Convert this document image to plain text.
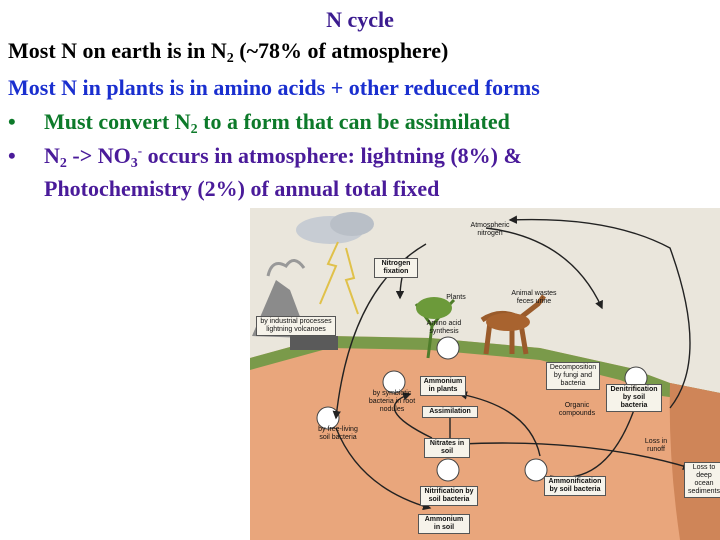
N cycle
Most N on earth is in $N_2$ (~78% of atmosphere)
Most N in plants is in amino acids + other reduced forms
• Must convert $N_2$ to a form that can be assimilated
• $N_2 -> NO_3^-$ occurs in atmosphere: lightning (8%) &
Photochemistry (2%) of annual total fixed
Atmospheric nitrogen
Nitrogen fixation
by industrial processes lightning volcanoes
Plants
Amino acid synthesis
Animal wastes feces urine
Decomposition by fungi and bacteria
Ammonium in plants
by symbiotic bacteria in root nodules
Denitrification by soil bacteria
Organic compounds
by free-living soil bacteria
Assimilation
Loss in runoff
Nitrates in soil
Loss to deep ocean sediments
Ammonification by soil bacteria
Nitrification by soil bacteria
Ammonium in soil
